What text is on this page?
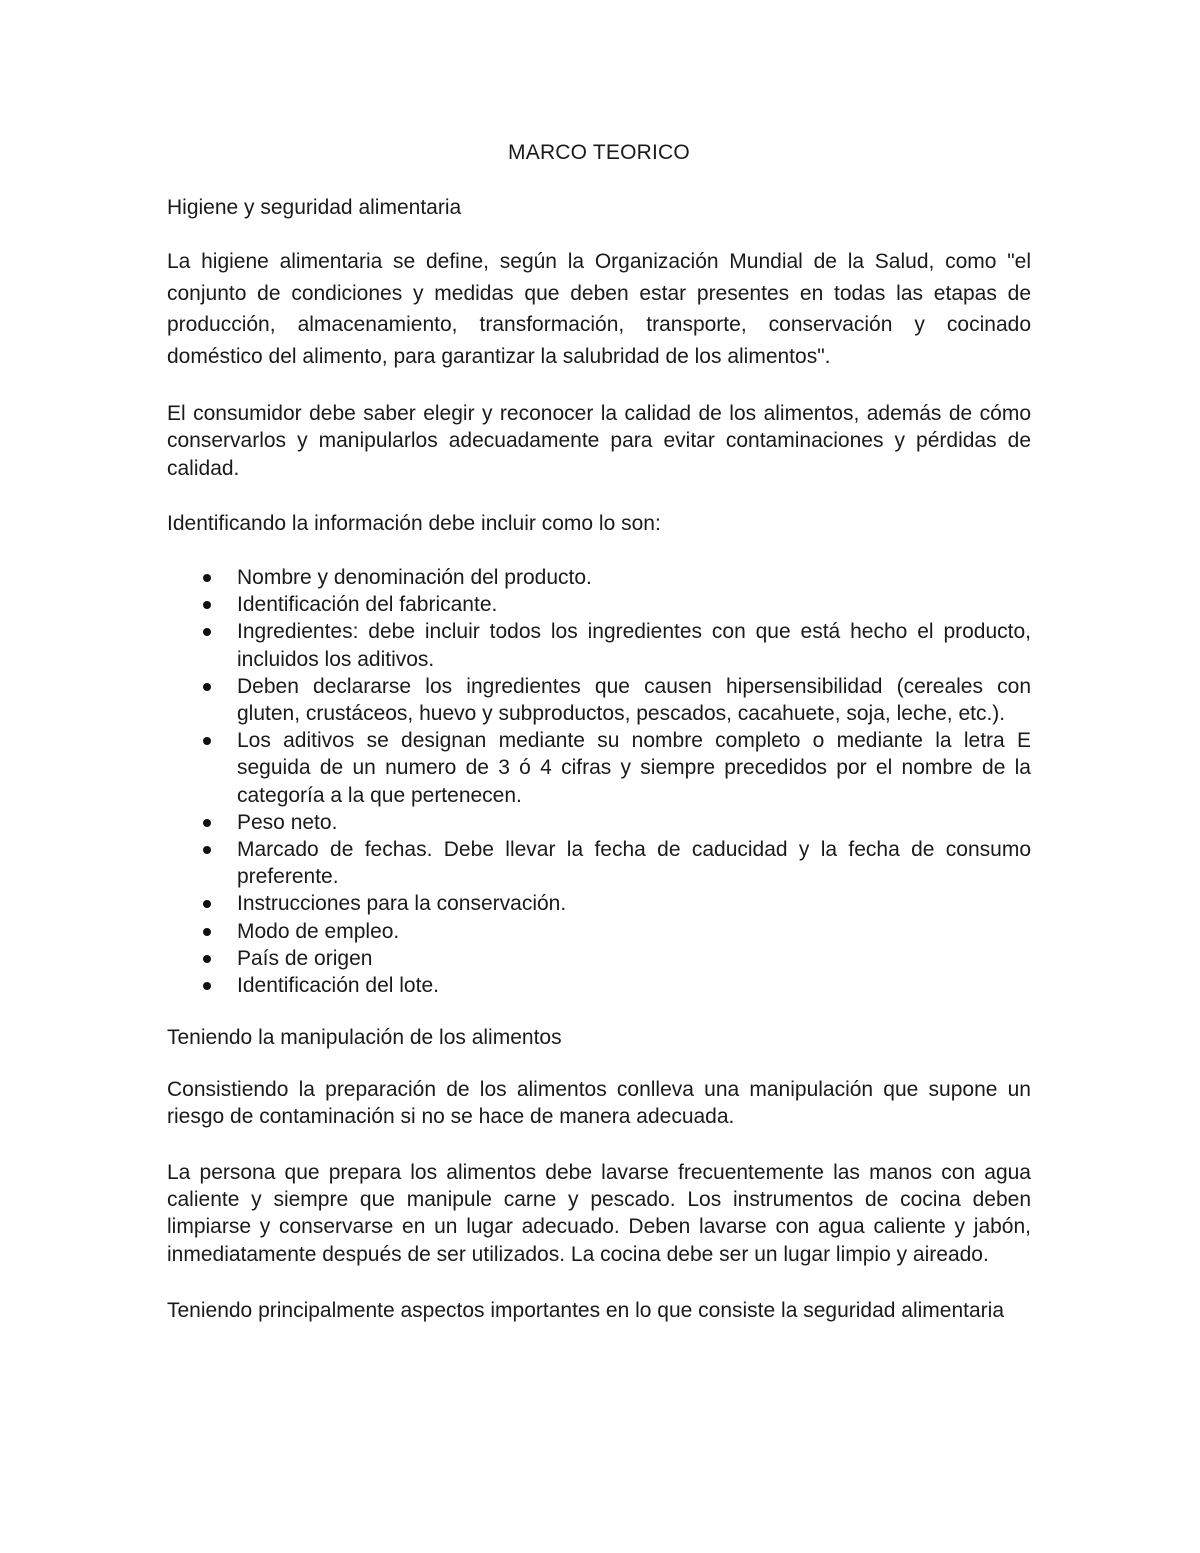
MARCO TEORICO
Higiene y seguridad alimentaria

La higiene alimentaria se define, según la Organización Mundial de la Salud, como "el conjunto de condiciones y medidas que deben estar presentes en todas las etapas de producción, almacenamiento, transformación, transporte, conservación y cocinado doméstico del alimento, para garantizar la salubridad de los alimentos".

El consumidor debe saber elegir y reconocer la calidad de los alimentos, además de cómo conservarlos y manipularlos adecuadamente para evitar contaminaciones y pérdidas de calidad.

Identificando la información debe incluir como lo son:

Nombre y denominación del producto.
Identificación del fabricante.
Ingredientes: debe incluir todos los ingredientes con que está hecho el producto, incluidos los aditivos.
Deben declararse los ingredientes que causen hipersensibilidad (cereales con gluten, crustáceos, huevo y subproductos, pescados, cacahuete, soja, leche, etc.).
Los aditivos se designan mediante su nombre completo o mediante la letra E seguida de un numero de 3 ó 4 cifras y siempre precedidos por el nombre de la categoría a la que pertenecen.
Peso neto.
Marcado de fechas. Debe llevar la fecha de caducidad y la fecha de consumo preferente.
Instrucciones para la conservación.
Modo de empleo.
País de origen
Identificación del lote.
Teniendo la manipulación de los alimentos

Consistiendo la preparación de los alimentos conlleva una manipulación que supone un riesgo de contaminación si no se hace de manera adecuada.

La persona que prepara los alimentos debe lavarse frecuentemente las manos con agua caliente y siempre que manipule carne y pescado. Los instrumentos de cocina deben limpiarse y conservarse en un lugar adecuado. Deben lavarse con agua caliente y jabón, inmediatamente después de ser utilizados. La cocina debe ser un lugar limpio y aireado.

Teniendo principalmente aspectos importantes en lo que consiste la seguridad alimentaria
